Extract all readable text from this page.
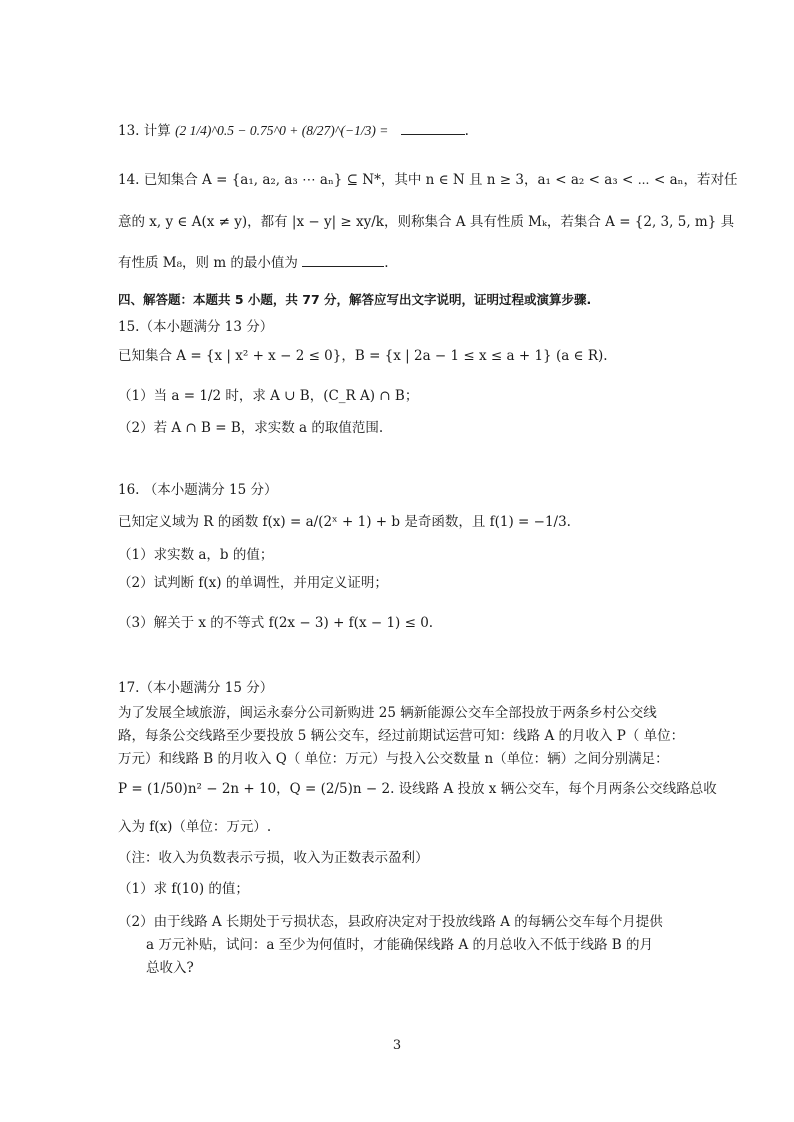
13. 计算 (2 1/4)^0.5 − 0.75^0 + (8/27)^(−1/3) =	.
14. 已知集合 A = {a₁, a₂, a₃ ⋯ aₙ} ⊆ N*，其中 n ∈ N 且 n ≥ 3，a₁ < a₂ < a₃ < ⋯ < aₙ，若对任
意的 x, y ∈ A(x ≠ y)，都有 |x − y| ≥ xy/k，则称集合 A 具有性质 Mₖ，若集合 A = {2, 3, 5, m} 具
有性质 M₈，则 m 的最小值为	.
四、解答题：本题共 5 小题，共 77 分，解答应写出文字说明，证明过程或演算步骤.
15.（本小题满分 13 分）
已知集合 A = {x | x² + x − 2 ≤ 0}，B = {x | 2a − 1 ≤ x ≤ a + 1} (a ∈ R).
（1）当 a = 1/2 时，求 A ∪ B，(C_R A) ∩ B；
（2）若 A ∩ B = B，求实数 a 的取值范围.
16. （本小题满分 15 分）
已知定义域为 R 的函数 f(x) = a/(2ˣ + 1) + b 是奇函数，且 f(1) = −1/3.
（1）求实数 a，b 的值；
（2）试判断 f(x) 的单调性，并用定义证明；
（3）解关于 x 的不等式 f(2x − 3) + f(x − 1) ≤ 0.
17.（本小题满分 15 分）
为了发展全域旅游，闽运永泰分公司新购进 25 辆新能源公交车全部投放于两条乡村公交线
路，每条公交线路至少要投放 5 辆公交车，经过前期试运营可知：线路 A 的月收入 P（ 单位：
万元）和线路 B 的月收入 Q（ 单位：万元）与投入公交数量 n（单位：辆）之间分别满足：
P = (1/50)n² − 2n + 10，Q = (2/5)n − 2. 设线路 A 投放 x 辆公交车，每个月两条公交线路总收
入为 f(x)（单位：万元）.
（注：收入为负数表示亏损，收入为正数表示盈利）
（1）求 f(10) 的值；
（2）由于线路 A 长期处于亏损状态，县政府决定对于投放线路 A 的每辆公交车每个月提供
a 万元补贴，试问：a 至少为何值时，才能确保线路 A 的月总收入不低于线路 B 的月
总收入?
3
